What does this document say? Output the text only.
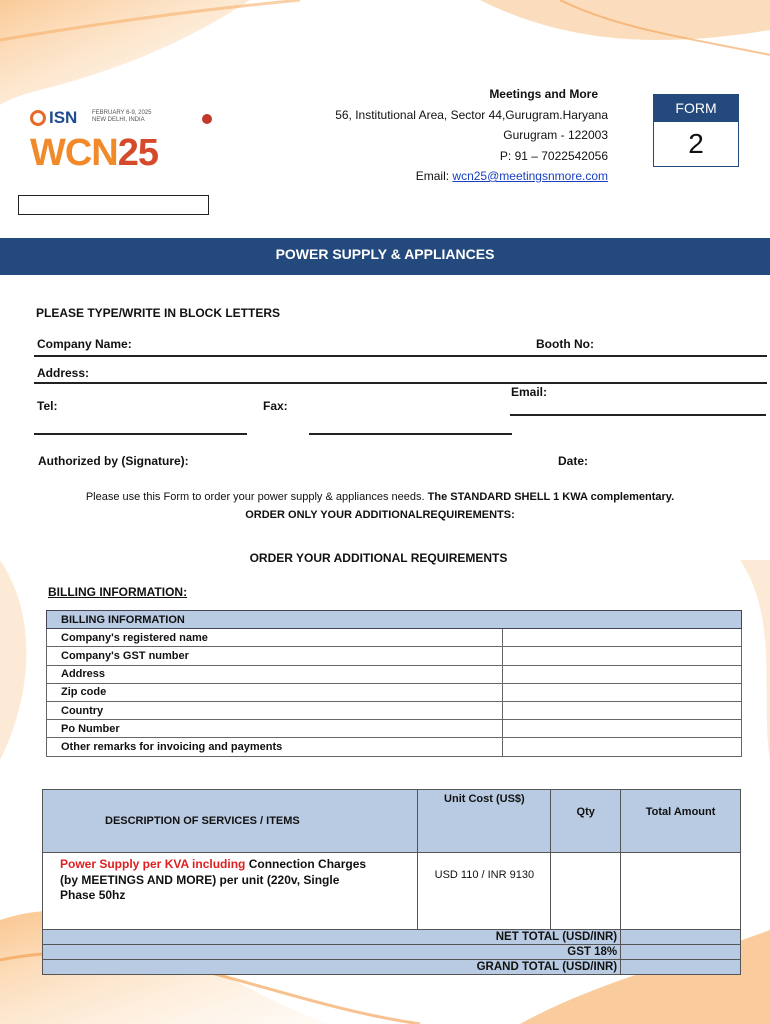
ISN FEBRUARY 6-9, 2025 NEW DELHI, INDIA
WCN25
Meetings and More
56, Institutional Area, Sector 44,Gurugram.Haryana
Gurugram - 122003
P: 91 – 7022542056
Email: wcn25@meetingsnmore.com
FORM
2
POWER SUPPLY & APPLIANCES
PLEASE TYPE/WRITE IN BLOCK LETTERS
Company Name:	Booth No:
Address:
Email:
Tel:	Fax:
Authorized by (Signature):	Date:
Please use this Form to order your power supply & appliances needs. The STANDARD SHELL 1 KWA complementary.
ORDER ONLY YOUR ADDITIONALREQUIREMENTS:
ORDER YOUR ADDITIONAL REQUIREMENTS
BILLING INFORMATION:
BILLING INFORMATION	
Company's registered name	
Company's GST number	
Address	
Zip code	
Country	
Po Number	
Other remarks for invoicing and payments	
DESCRIPTION OF SERVICES / ITEMS	Unit Cost (US$)	Qty	Total Amount
Power Supply per KVA including Connection Charges (by MEETINGS AND MORE) per unit (220v, Single Phase 50hz	USD 110 / INR 9130		
NET TOTAL (USD/INR)			
GST 18%			
GRAND TOTAL (USD/INR)			
